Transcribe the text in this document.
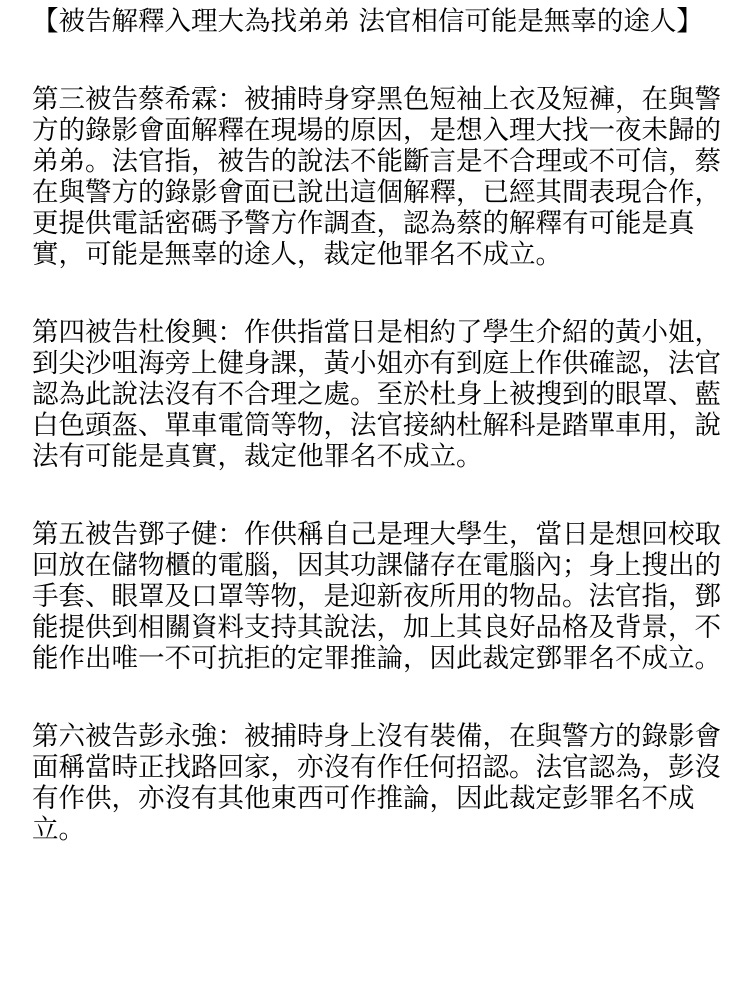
【被告解釋入理大為找弟弟 法官相信可能是無辜的途人】
第三被告蔡希霖：被捕時身穿黑色短袖上衣及短褲，在與警方的錄影會面解釋在現場的原因，是想入理大找一夜未歸的弟弟。法官指，被告的說法不能斷言是不合理或不可信，蔡在與警方的錄影會面已說出這個解釋，已經其間表現合作，更提供電話密碼予警方作調查，認為蔡的解釋有可能是真實，可能是無辜的途人，裁定他罪名不成立。
第四被告杜俊興：作供指當日是相約了學生介紹的黃小姐，到尖沙咀海旁上健身課，黃小姐亦有到庭上作供確認，法官認為此說法沒有不合理之處。至於杜身上被搜到的眼罩、藍白色頭盔、單車電筒等物，法官接納杜解科是踏單車用，說法有可能是真實，裁定他罪名不成立。
第五被告鄧子健：作供稱自己是理大學生，當日是想回校取回放在儲物櫃的電腦，因其功課儲存在電腦內；身上搜出的手套、眼罩及口罩等物，是迎新夜所用的物品。法官指，鄧能提供到相關資料支持其說法，加上其良好品格及背景，不能作出唯一不可抗拒的定罪推論，因此裁定鄧罪名不成立。
第六被告彭永強：被捕時身上沒有裝備，在與警方的錄影會面稱當時正找路回家，亦沒有作任何招認。法官認為，彭沒有作供，亦沒有其他東西可作推論，因此裁定彭罪名不成立。
